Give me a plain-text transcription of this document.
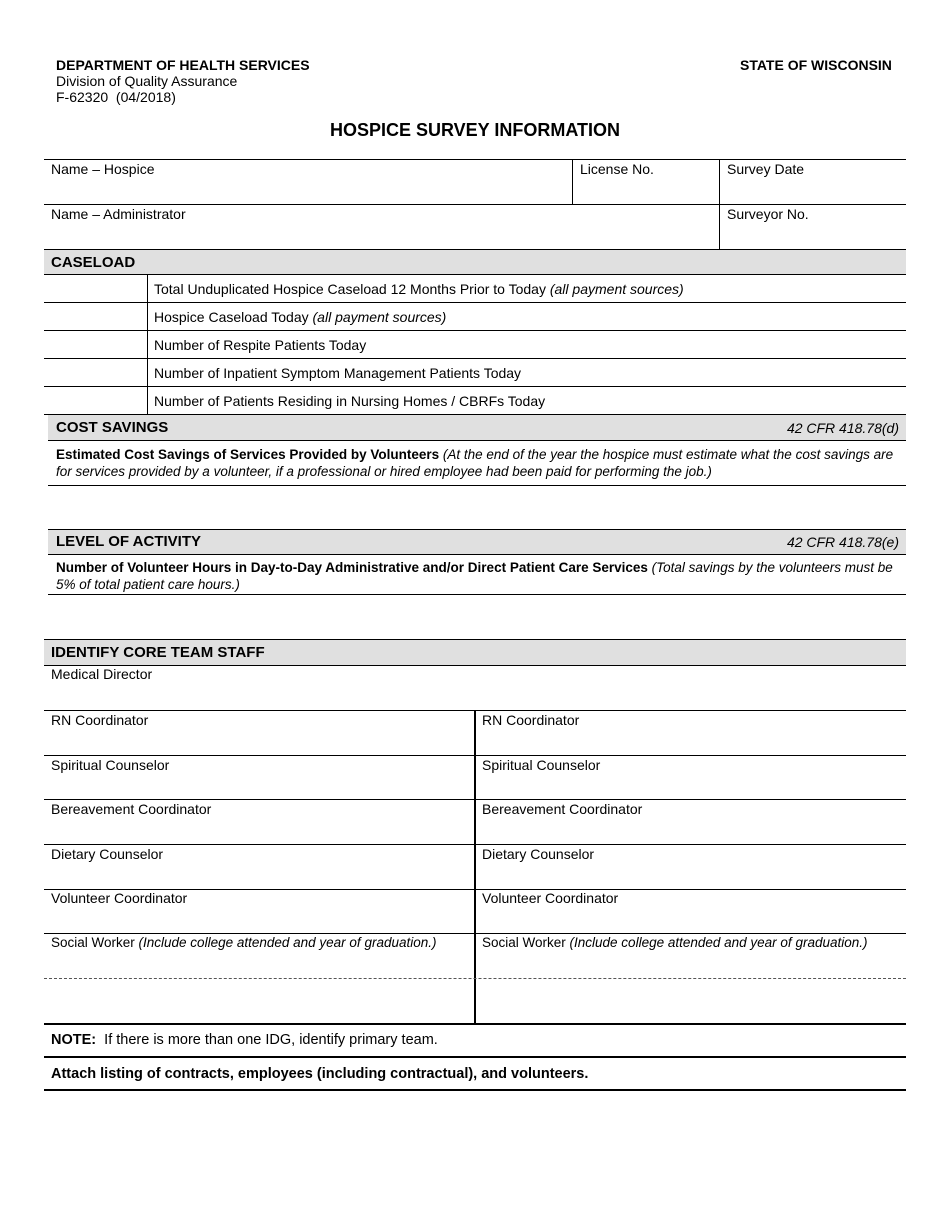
DEPARTMENT OF HEALTH SERVICES
Division of Quality Assurance
F-62320  (04/2018)
STATE OF WISCONSIN
HOSPICE SURVEY INFORMATION
Name – Hospice	License No.	Survey Date
Name – Administrator	Surveyor No.
CASELOAD
Total Unduplicated Hospice Caseload 12 Months Prior to Today (all payment sources)
Hospice Caseload Today (all payment sources)
Number of Respite Patients Today
Number of Inpatient Symptom Management Patients Today
Number of Patients Residing in Nursing Homes / CBRFs Today
COST SAVINGS	42 CFR 418.78(d)
Estimated Cost Savings of Services Provided by Volunteers (At the end of the year the hospice must estimate what the cost savings are for services provided by a volunteer, if a professional or hired employee had been paid for performing the job.)
LEVEL OF ACTIVITY	42 CFR 418.78(e)
Number of Volunteer Hours in Day-to-Day Administrative and/or Direct Patient Care Services (Total savings by the volunteers must be 5% of total patient care hours.)
IDENTIFY CORE TEAM STAFF
Medical Director
RN Coordinator	RN Coordinator
Spiritual Counselor	Spiritual Counselor
Bereavement Coordinator	Bereavement Coordinator
Dietary Counselor	Dietary Counselor
Volunteer Coordinator	Volunteer Coordinator
Social Worker (Include college attended and year of graduation.)	Social Worker (Include college attended and year of graduation.)
NOTE:  If there is more than one IDG, identify primary team.
Attach listing of contracts, employees (including contractual), and volunteers.
